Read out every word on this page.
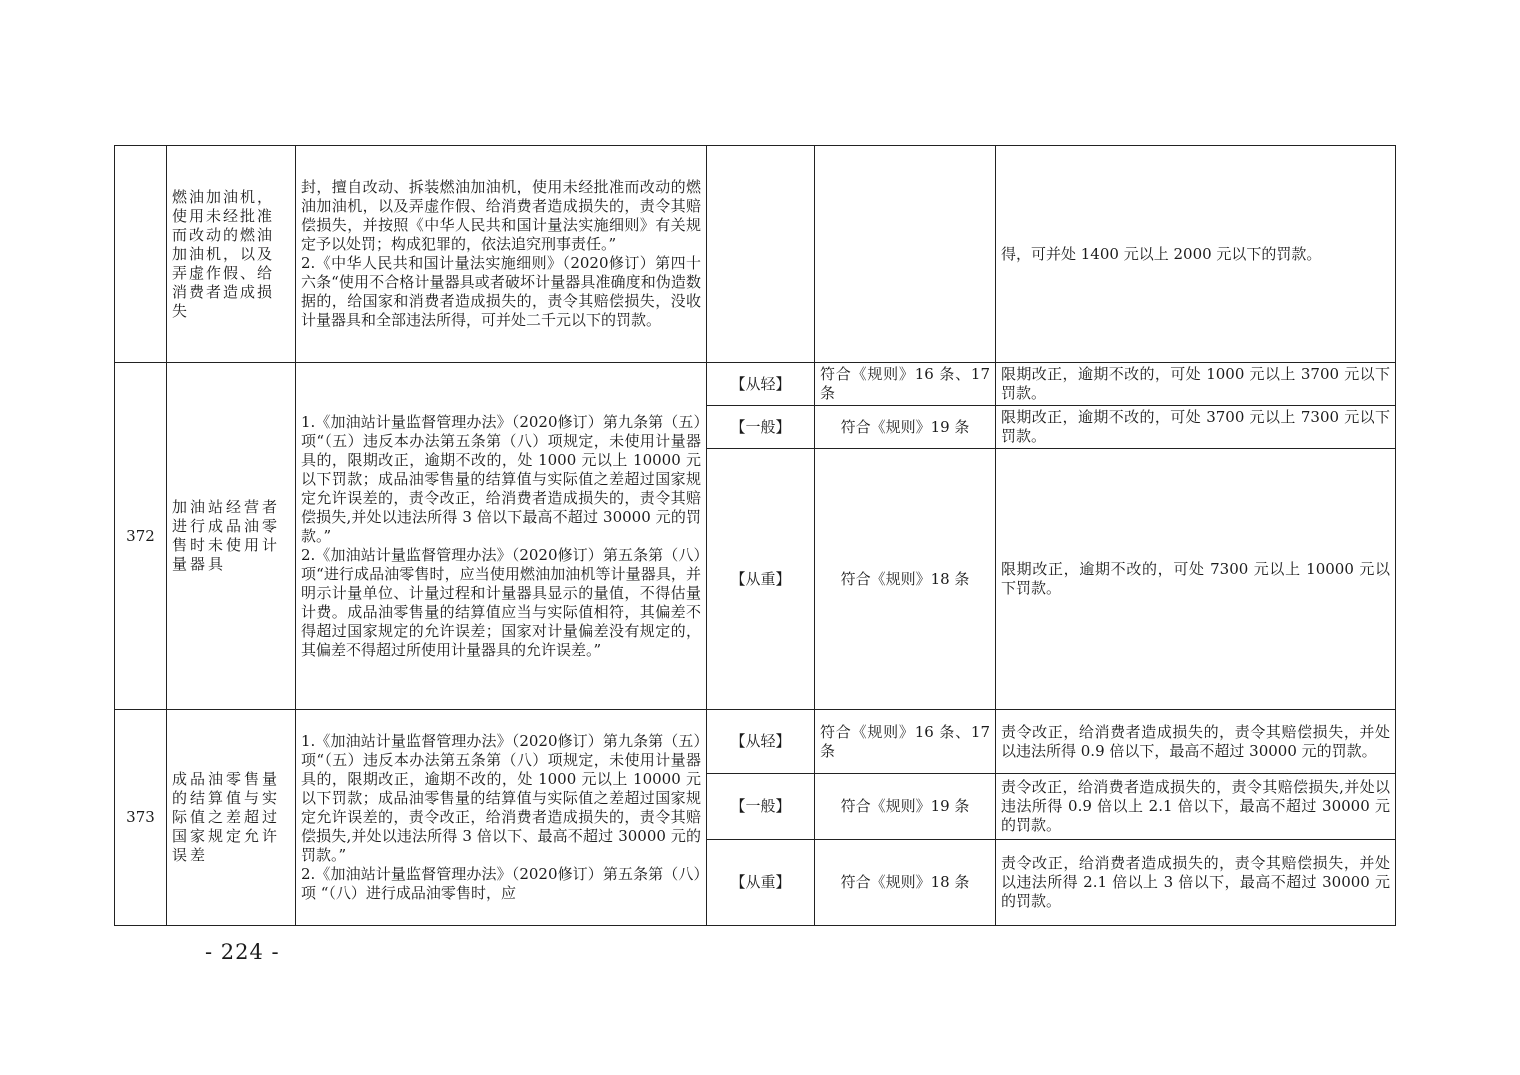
	燃油加油机，使用未经批准而改动的燃油加油机，以及弄虚作假、给消费者造成损失	封，擅自改动、拆装燃油加油机，使用未经批准而改动的燃油加油机，以及弄虚作假、给消费者造成损失的，责令其赔偿损失，并按照《中华人民共和国计量法实施细则》有关规定予以处罚；构成犯罪的，依法追究刑事责任。”
2.《中华人民共和国计量法实施细则》（2020修订）第四十六条“使用不合格计量器具或者破坏计量器具准确度和伪造数据的，给国家和消费者造成损失的，责令其赔偿损失，没收计量器具和全部违法所得，可并处二千元以下的罚款。			得，可并处 1400 元以上 2000 元以下的罚款。
372	加油站经营者进行成品油零售时未使用计量器具	1.《加油站计量监督管理办法》（2020修订）第九条第（五）项“（五）违反本办法第五条第（八）项规定，未使用计量器具的，限期改正，逾期不改的，处 1000 元以上 10000 元以下罚款；成品油零售量的结算值与实际值之差超过国家规定允许误差的，责令改正，给消费者造成损失的，责令其赔偿损失,并处以违法所得 3 倍以下最高不超过 30000 元的罚款。”
2.《加油站计量监督管理办法》（2020修订）第五条第（八）项“进行成品油零售时，应当使用燃油加油机等计量器具，并明示计量单位、计量过程和计量器具显示的量值，不得估量计费。成品油零售量的结算值应当与实际值相符，其偏差不得超过国家规定的允许误差；国家对计量偏差没有规定的，其偏差不得超过所使用计量器具的允许误差。”	【从轻】	符合《规则》16 条、17 条	限期改正，逾期不改的，可处 1000 元以上 3700 元以下罚款。
			【一般】	符合《规则》19 条	限期改正，逾期不改的，可处 3700 元以上 7300 元以下罚款。
			【从重】	符合《规则》18 条	限期改正，逾期不改的，可处 7300 元以上 10000 元以下罚款。
373	成品油零售量的结算值与实际值之差超过国家规定允许误差	1.《加油站计量监督管理办法》（2020修订）第九条第（五）项“（五）违反本办法第五条第（八）项规定，未使用计量器具的，限期改正，逾期不改的，处 1000 元以上 10000 元以下罚款；成品油零售量的结算值与实际值之差超过国家规定允许误差的，责令改正，给消费者造成损失的，责令其赔偿损失,并处以违法所得 3 倍以下、最高不超过 30000 元的罚款。”
2.《加油站计量监督管理办法》（2020修订）第五条第（八）项 “（八）进行成品油零售时，应	【从轻】	符合《规则》16 条、17 条	责令改正，给消费者造成损失的，责令其赔偿损失，并处以违法所得 0.9 倍以下，最高不超过 30000 元的罚款。
			【一般】	符合《规则》19 条	责令改正，给消费者造成损失的，责令其赔偿损失,并处以违法所得 0.9 倍以上 2.1 倍以下，最高不超过 30000 元的罚款。
			【从重】	符合《规则》18 条	责令改正，给消费者造成损失的，责令其赔偿损失，并处以违法所得 2.1 倍以上 3 倍以下，最高不超过 30000 元的罚款。
- 224 -
